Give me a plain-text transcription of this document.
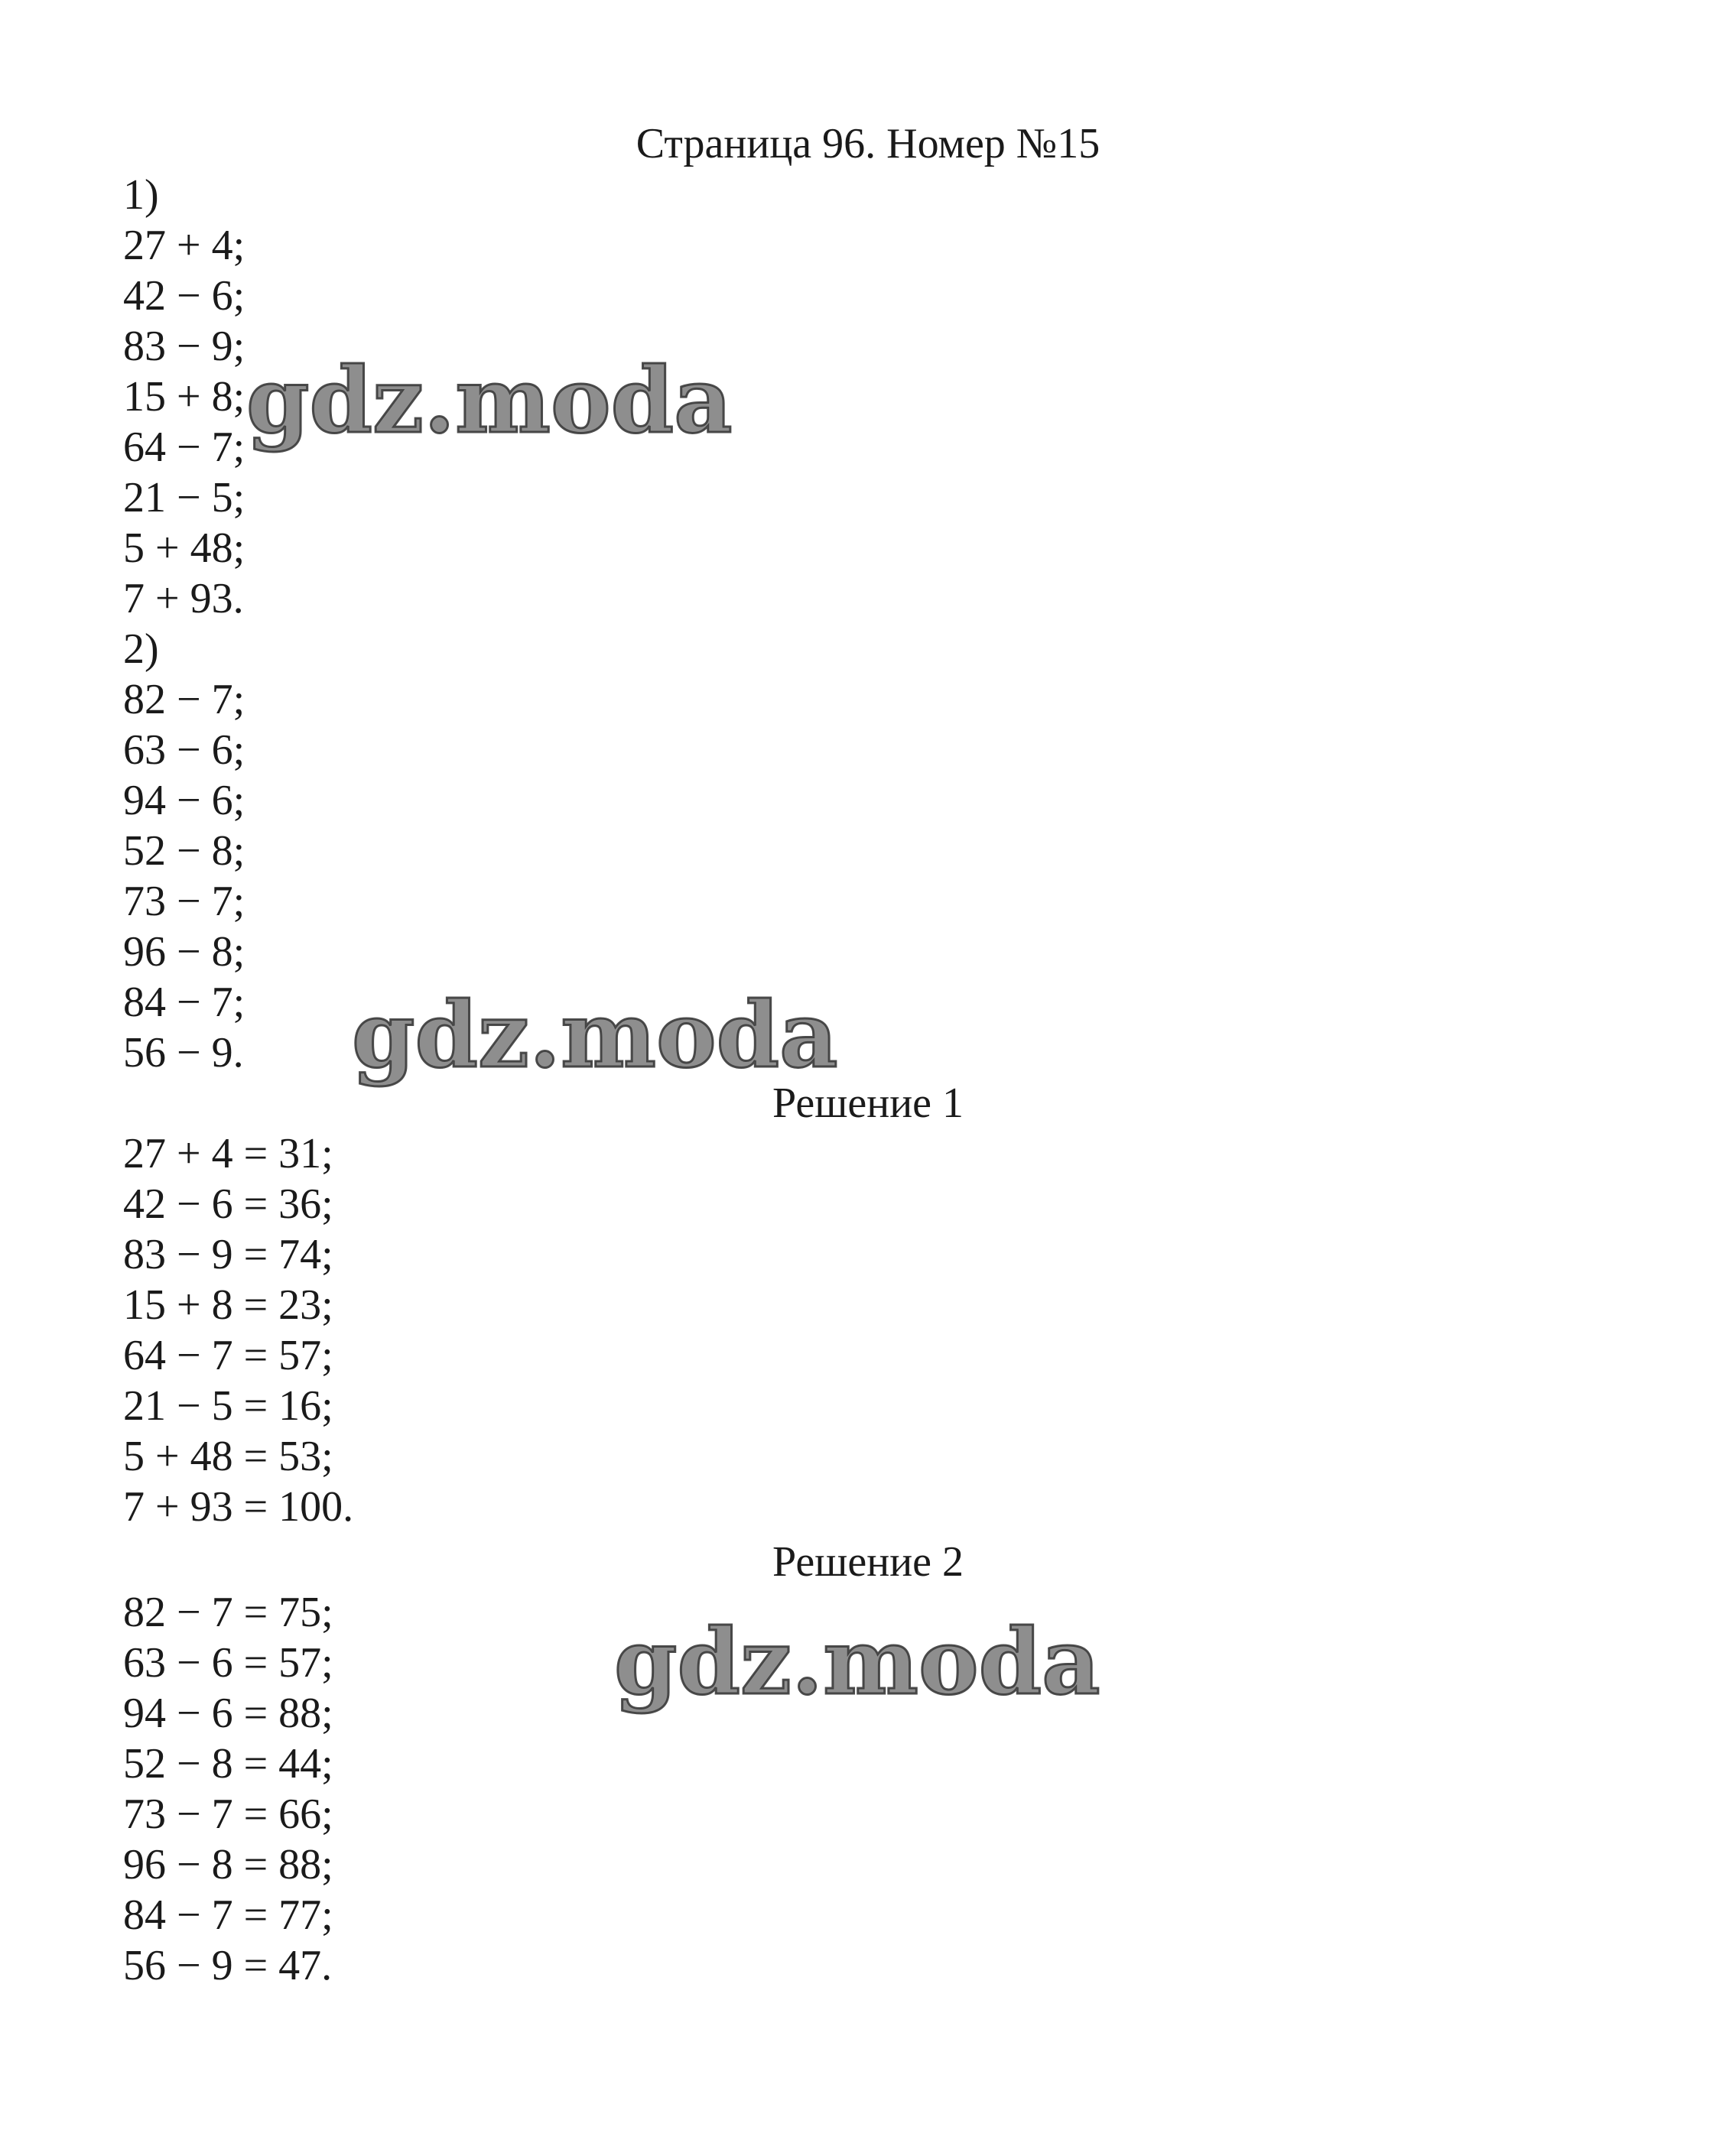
Страница 96. Номер №15
1)
27 + 4;
42 − 6;
83 − 9;
15 + 8;
64 − 7;
21 − 5;
5 + 48;
7 + 93.
2)
82 − 7;
63 − 6;
94 − 6;
52 − 8;
73 − 7;
96 − 8;
84 − 7;
56 − 9.
Решение 1
27 + 4 = 31;
42 − 6 = 36;
83 − 9 = 74;
15 + 8 = 23;
64 − 7 = 57;
21 − 5 = 16;
5 + 48 = 53;
7 + 93 = 100.
Решение 2
82 − 7 = 75;
63 − 6 = 57;
94 − 6 = 88;
52 − 8 = 44;
73 − 7 = 66;
96 − 8 = 88;
84 − 7 = 77;
56 − 9 = 47.
gdz.moda
gdz.moda
gdz.moda
